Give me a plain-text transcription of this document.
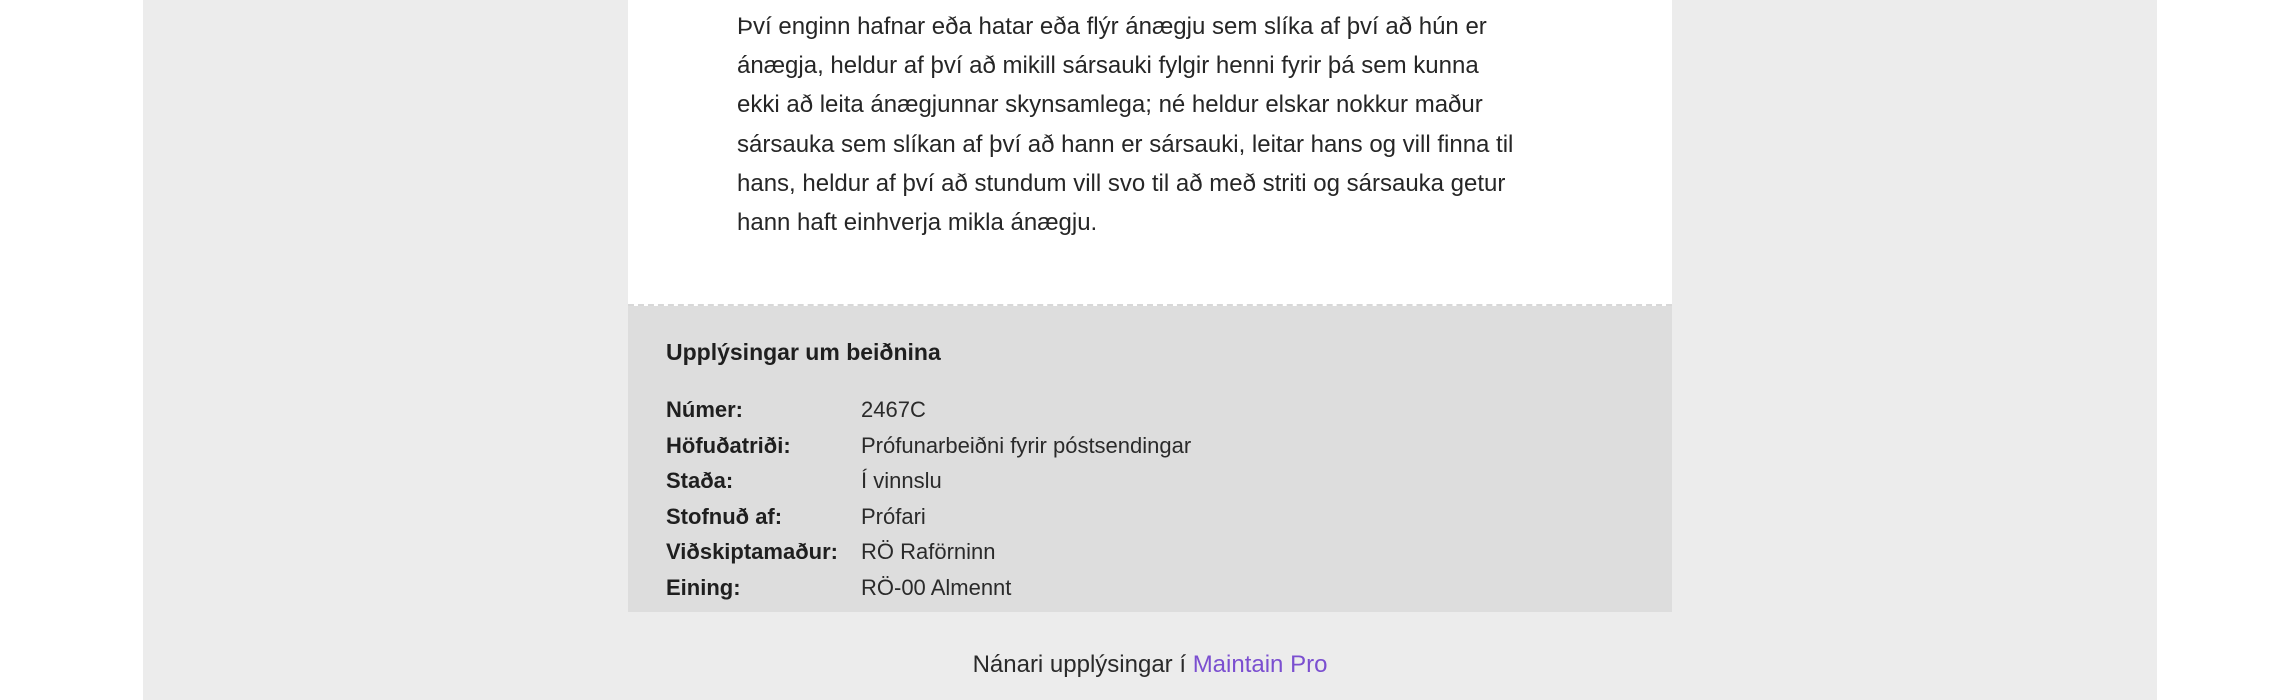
Því enginn hafnar eða hatar eða flýr ánægju sem slíka af því að hún er ánægja, heldur af því að mikill sársauki fylgir henni fyrir þá sem kunna ekki að leita ánægjunnar skynsamlega; né heldur elskar nokkur maður sársauka sem slíkan af því að hann er sársauki, leitar hans og vill finna til hans, heldur af því að stundum vill svo til að með striti og sársauka getur hann haft einhverja mikla ánægju.

Upplýsingar um beiðnina
Númer:	2467C
Höfuðatriði:	Prófunarbeiðni fyrir póstsendingar
Staða:	Í vinnslu
Stofnuð af:	Prófari
Viðskiptamaður:	RÖ Raförninn
Eining:	RÖ-00 Almennt
Nánari upplýsingar í Maintain Pro
